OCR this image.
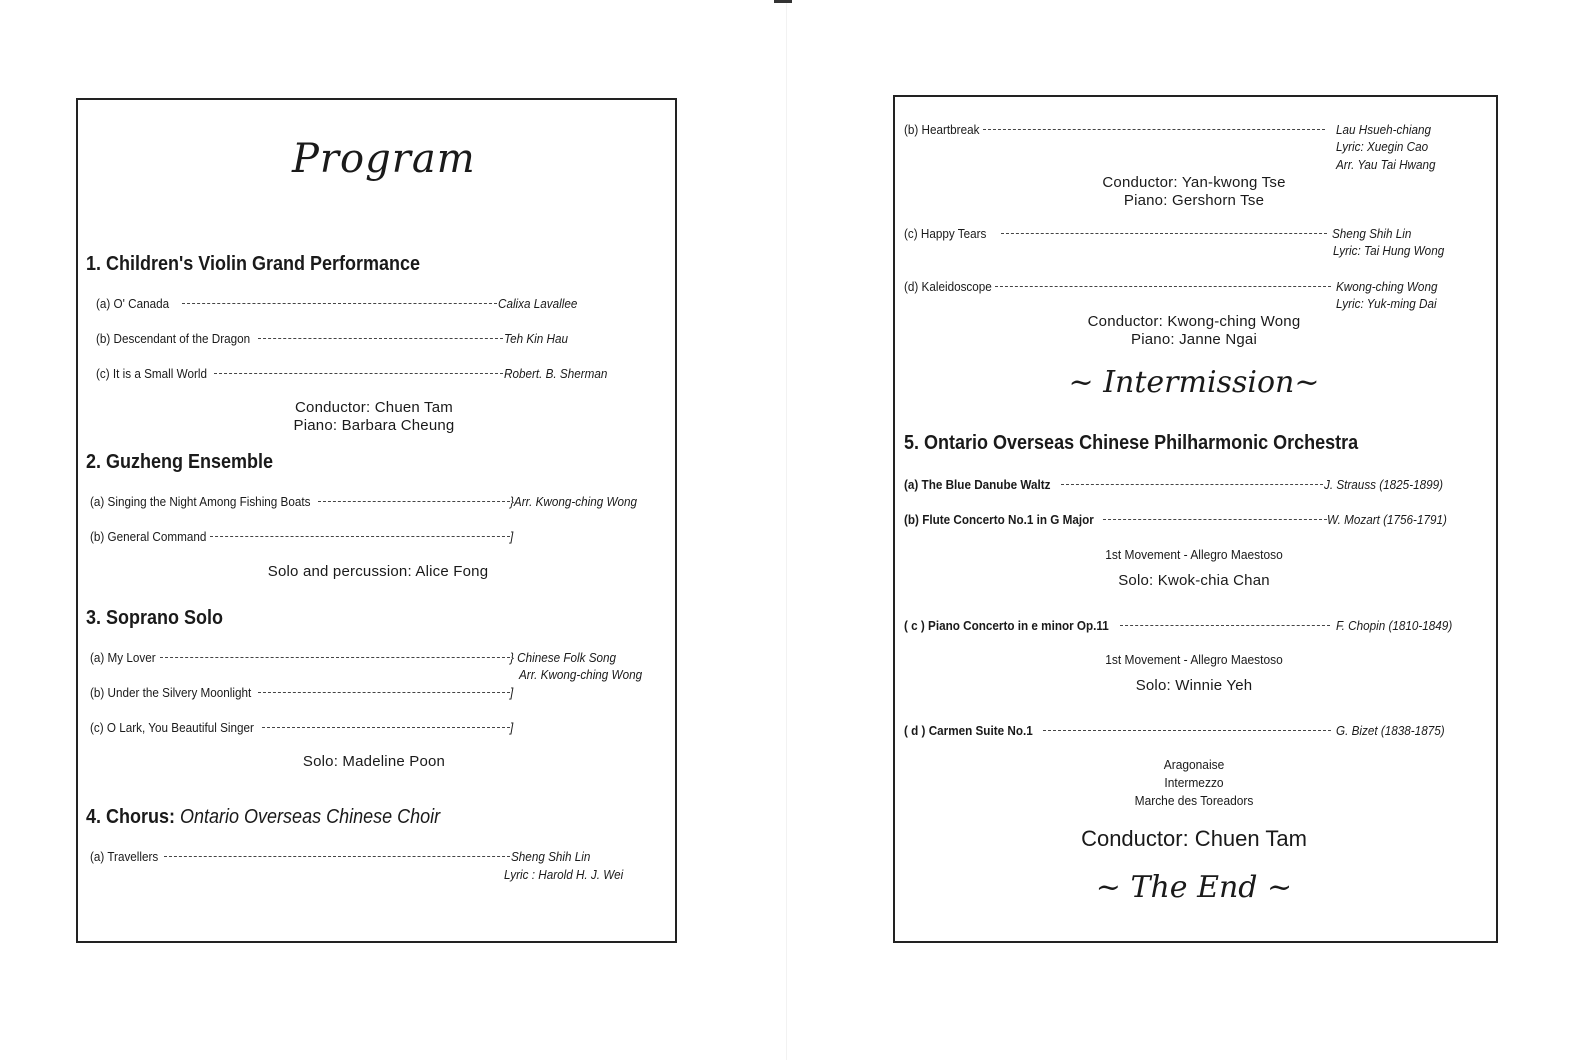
Program
1. Children's Violin Grand Performance
(a) O' Canada	Calixa Lavallee
(b) Descendant of the Dragon	Teh Kin Hau
(c) It is a Small World	Robert. B. Sherman
Conductor: Chuen Tam
Piano: Barbara Cheung
2. Guzheng Ensemble
(a) Singing the Night Among Fishing Boats	}Arr. Kwong-ching Wong
(b) General Command	]
Solo and percussion: Alice Fong
3. Soprano Solo
(a) My Lover	} Chinese Folk Song
Arr. Kwong-ching Wong
(b) Under the Silvery Moonlight	]
(c) O Lark, You Beautiful Singer	]
Solo: Madeline Poon
4. Chorus: Ontario Overseas Chinese Choir
(a) Travellers	Sheng Shih Lin
Lyric : Harold H. J. Wei
(b) Heartbreak	Lau Hsueh-chiang
Lyric: Xuegin Cao
Arr. Yau Tai Hwang
Conductor: Yan-kwong Tse
Piano: Gershorn Tse
(c) Happy Tears	Sheng Shih Lin
Lyric: Tai Hung Wong
(d) Kaleidoscope	Kwong-ching Wong
Lyric: Yuk-ming Dai
Conductor: Kwong-ching Wong
Piano: Janne Ngai
~ Intermission~
5. Ontario Overseas Chinese Philharmonic Orchestra
(a) The Blue Danube Waltz	J. Strauss (1825-1899)
(b) Flute Concerto No.1 in G Major	W. Mozart (1756-1791)
1st Movement - Allegro Maestoso
Solo: Kwok-chia Chan
( c ) Piano Concerto in e minor Op.11	F. Chopin (1810-1849)
1st Movement - Allegro Maestoso
Solo: Winnie Yeh
( d ) Carmen Suite No.1	G. Bizet (1838-1875)
Aragonaise
Intermezzo
Marche des Toreadors
Conductor: Chuen Tam
~ The End ~
